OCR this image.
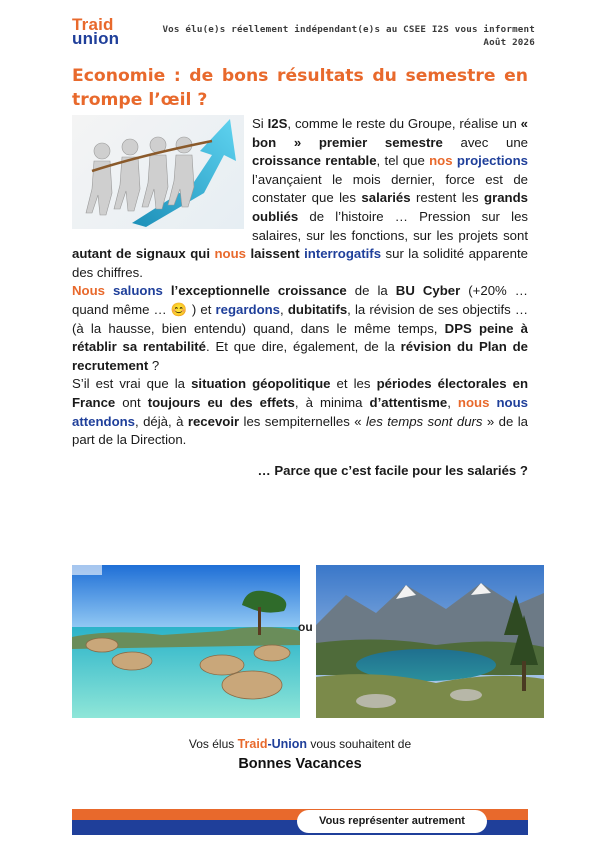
Traid
union	Vos élu(e)s réellement indépendant(e)s au CSEE I2S vous informent
Août 2026
Economie : de bons résultats du semestre en trompe l’œil ?

Si I2S, comme le reste du Groupe, réalise un « bon » premier semestre avec une croissance rentable, tel que nos projections l’avançaient le mois dernier, force est de constater que les salariés restent les grands oubliés de l’histoire … Pression sur les salaires, sur les fonctions, sur les projets sont autant de signaux qui nous laissent interrogatifs sur la solidité apparente des chiffres.

Nous saluons l’exceptionnelle croissance de la BU Cyber (+20% … quand même … 😊 ) et regardons, dubitatifs, la révision de ses objectifs … (à la hausse, bien entendu) quand, dans le même temps, DPS peine à rétablir sa rentabilité. Et que dire, également, de la révision du Plan de recrutement ?

S’il est vrai que la situation géopolitique et les périodes électorales en France ont toujours eu des effets, à minima d’attentisme, nous nous attendons, déjà, à recevoir les sempiternelles « les temps sont durs » de la part de la Direction.

… Parce que c’est facile pour les salariés ?

ou
Vos élus Traid-Union vous souhaitent de
Bonnes Vacances
Vous représenter autrement
